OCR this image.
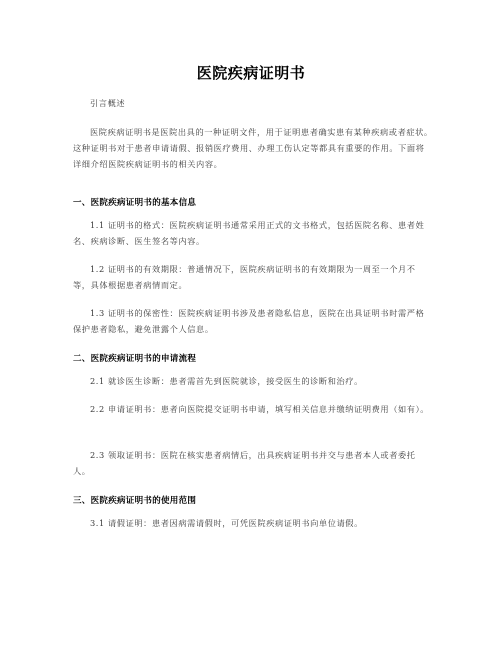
医院疾病证明书

引言概述

医院疾病证明书是医院出具的一种证明文件，用于证明患者确实患有某种疾病或者症状。这种证明书对于患者申请请假、报销医疗费用、办理工伤认定等都具有重要的作用。下面将详细介绍医院疾病证明书的相关内容。

一、医院疾病证明书的基本信息

1.1 证明书的格式：医院疾病证明书通常采用正式的文书格式，包括医院名称、患者姓名、疾病诊断、医生签名等内容。

1.2 证明书的有效期限：普通情况下，医院疾病证明书的有效期限为一周至一个月不等，具体根据患者病情而定。

1.3 证明书的保密性：医院疾病证明书涉及患者隐私信息，医院在出具证明书时需严格保护患者隐私，避免泄露个人信息。

二、医院疾病证明书的申请流程

2.1 就诊医生诊断：患者需首先到医院就诊，接受医生的诊断和治疗。

2.2 申请证明书：患者向医院提交证明书申请，填写相关信息并缴纳证明费用（如有）。

2.3 领取证明书：医院在核实患者病情后，出具疾病证明书并交与患者本人或者委托人。

三、医院疾病证明书的使用范围

3.1 请假证明：患者因病需请假时，可凭医院疾病证明书向单位请假。
